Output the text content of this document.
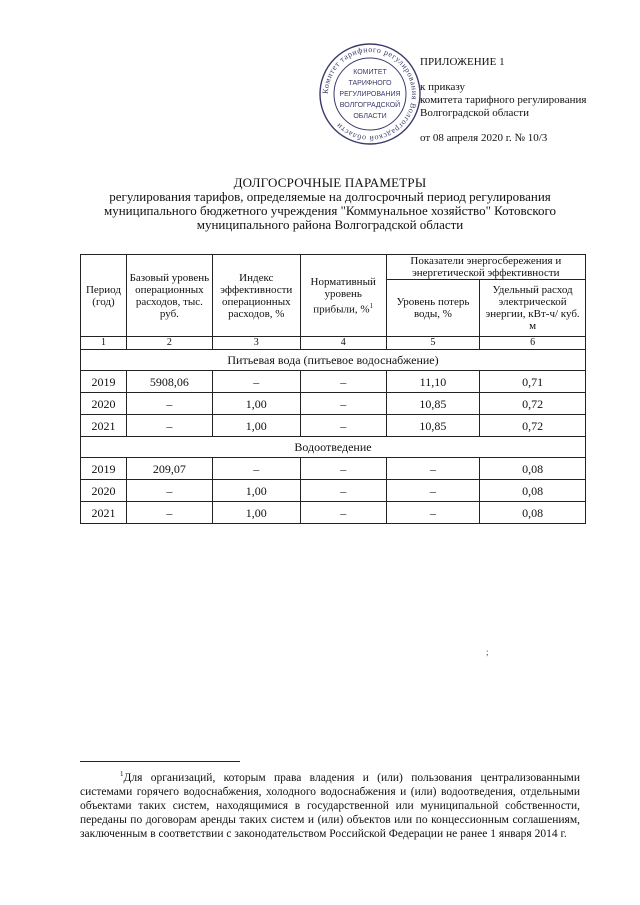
Комитет тарифного регулирования Волгоградской области
КОМИТЕТ
ТАРИФНОГО
РЕГУЛИРОВАНИЯ
ВОЛГОГРАДСКОЙ
ОБЛАСТИ
ПРИЛОЖЕНИЕ 1
к приказу
комитета тарифного регулирования
Волгоградской области
от 08 апреля 2020 г. № 10/3
ДОЛГОСРОЧНЫЕ ПАРАМЕТРЫ
регулирования тарифов, определяемые на долгосрочный период регулирования
муниципального бюджетного учреждения "Коммунальное хозяйство" Котовского
муниципального района Волгоградской области
Период (год)	Базовый уровень операционных расходов, тыс. руб.	Индекс эффективности операционных расходов, %	Нормативный уровень прибыли, %$^1$	Показатели энергосбережения и энергетической эффективности	
				Уровень потерь воды, %	Удельный расход электрической энергии, кВт-ч/ куб. м
1	2	3	4	5	6
Питьевая вода (питьевое водоснабжение)					
2019	5908,06	–	–	11,10	0,71
2020	–	1,00	–	10,85	0,72
2021	–	1,00	–	10,85	0,72
Водоотведение					
2019	209,07	–	–	–	0,08
2020	–	1,00	–	–	0,08
2021	–	1,00	–	–	0,08
;
$^1$Для организаций, которым права владения и (или) пользования централизованными системами горячего водоснабжения, холодного водоснабжения и (или) водоотведения, отдельными объектами таких систем, находящимися в государственной или муниципальной собственности, переданы по договорам аренды таких систем и (или) объектов или по концессионным соглашениям, заключенным в соответствии с законодательством Российской Федерации не ранее 1 января 2014 г.
